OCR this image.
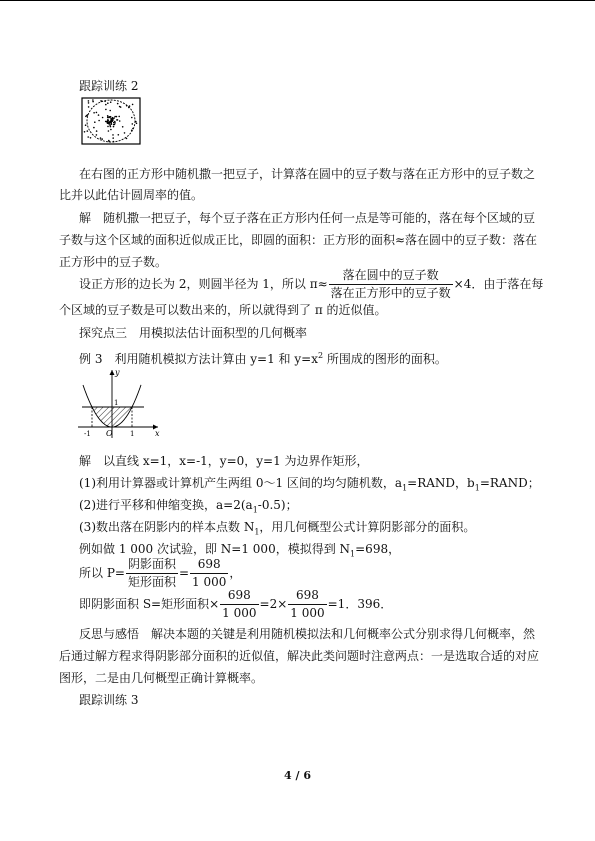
跟踪训练 2
在右图的正方形中随机撒一把豆子，计算落在圆中的豆子数与落在正方形中的豆子数之
比并以此估计圆周率的值。
解　随机撒一把豆子，每个豆子落在正方形内任何一点是等可能的，落在每个区域的豆
子数与这个区域的面积近似成正比，即圆的面积：正方形的面积≈落在圆中的豆子数：落在
正方形中的豆子数。
设正方形的边长为 2，则圆半径为 1，所以 $\pi\approx \frac{\text{落在圆中的豆子数}}{\text{落在正方形中的豆子数}} \times 4$．由于落在每
个区域的豆子数是可以数出来的，所以就得到了 π 的近似值。
探究点三　用模拟法估计面积型的几何概率
例 3　利用随机模拟方法计算由 y=1 和 $y=x^2$ 所围成的图形的面积。
y
x
O
-1	1
1
解　以直线 x=1，x=-1，y=0，y=1 为边界作矩形，
(1)利用计算器或计算机产生两组 0～1 区间的均匀随机数，$a_1=RAND$，$b_1=RAND$；
(2)进行平移和伸缩变换，$a=2(a_1-0.5)$；
(3)数出落在阴影内的样本点数 $N_1$，用几何概型公式计算阴影部分的面积。
例如做 1 000 次试验，即 N=1 000，模拟得到 $N_1=698$，
所以 $P= \frac{\text{阴影面积}}{\text{矩形面积}} = \frac{698}{1 000}$ ，
即阴影面积 S=矩形面积× $\frac{698}{1 000} =2\times \frac{698}{1 000} =1$．396．
反思与感悟　解决本题的关键是利用随机模拟法和几何概率公式分别求得几何概率，然
后通过解方程求得阴影部分面积的近似值，解决此类问题时注意两点：一是选取合适的对应
图形，二是由几何概型正确计算概率。
跟踪训练 3
4 / 6
